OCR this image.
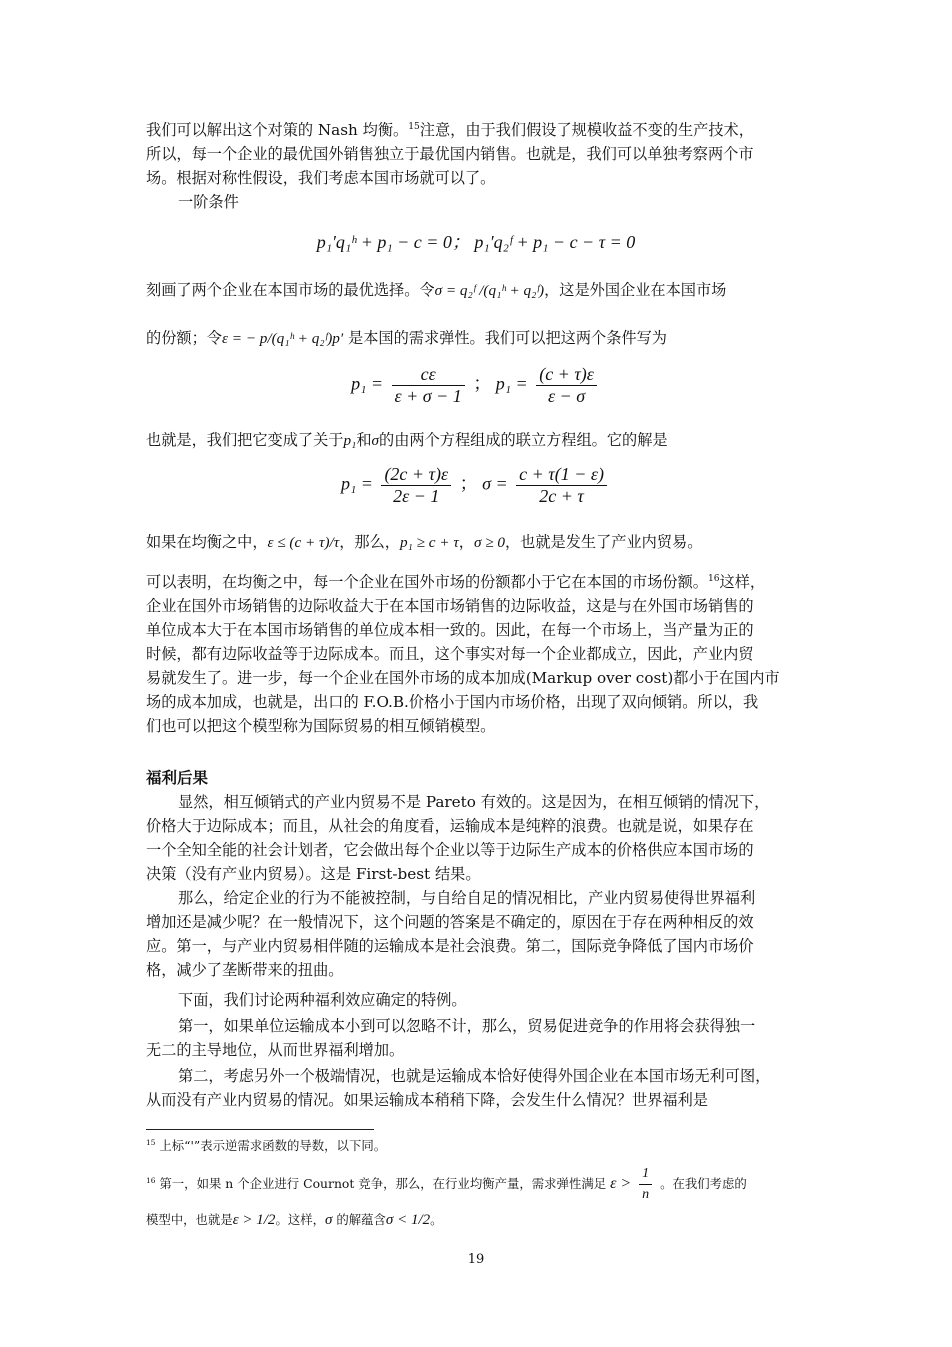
我们可以解出这个对策的 Nash 均衡。$^{15}$注意，由于我们假设了规模收益不变的生产技术，
所以，每一个企业的最优国外销售独立于最优国内销售。也就是，我们可以单独考察两个市
场。根据对称性假设，我们考虑本国市场就可以了。
一阶条件
p₁′q₁ʰ + p₁ − c = 0； p₁′q₂ᶠ + p₁ − c − τ = 0
刻画了两个企业在本国市场的最优选择。令σ = q₂ᶠ /(q₁ʰ + q₂ᶠ)，这是外国企业在本国市场
的份额；令ε = − p/(q₁ʰ + q₂ᶠ)p′ 是本国的需求弹性。我们可以把这两个条件写为
$p_1 = \frac{c\varepsilon}{\varepsilon + \sigma - 1}$ ； $p_1 = \frac{(c + \tau)\varepsilon}{\varepsilon - \sigma}$
也就是，我们把它变成了关于p₁和σ的由两个方程组成的联立方程组。它的解是
$p_1 = \frac{(2c + \tau)\varepsilon}{2\varepsilon - 1}$ ； $\sigma = \frac{c + \tau(1 - \varepsilon)}{2c + \tau}$
如果在均衡之中，ε ≤ (c + τ)/τ，那么，p₁ ≥ c + τ，σ ≥ 0，也就是发生了产业内贸易。
可以表明，在均衡之中，每一个企业在国外市场的份额都小于它在本国的市场份额。$^{16}$这样，
企业在国外市场销售的边际收益大于在本国市场销售的边际收益，这是与在外国市场销售的
单位成本大于在本国市场销售的单位成本相一致的。因此，在每一个市场上，当产量为正的
时候，都有边际收益等于边际成本。而且，这个事实对每一个企业都成立，因此，产业内贸
易就发生了。进一步，每一个企业在国外市场的成本加成(Markup over cost)都小于在国内市
场的成本加成，也就是，出口的 F.O.B.价格小于国内市场价格，出现了双向倾销。所以，我
们也可以把这个模型称为国际贸易的相互倾销模型。
福利后果
显然，相互倾销式的产业内贸易不是 Pareto 有效的。这是因为，在相互倾销的情况下，
价格大于边际成本；而且，从社会的角度看，运输成本是纯粹的浪费。也就是说，如果存在
一个全知全能的社会计划者，它会做出每个企业以等于边际生产成本的价格供应本国市场的
决策（没有产业内贸易）。这是 First-best 结果。
那么，给定企业的行为不能被控制，与自给自足的情况相比，产业内贸易使得世界福利
增加还是减少呢？在一般情况下，这个问题的答案是不确定的，原因在于存在两种相反的效
应。第一，与产业内贸易相伴随的运输成本是社会浪费。第二，国际竞争降低了国内市场价
格，减少了垄断带来的扭曲。
下面，我们讨论两种福利效应确定的特例。
第一，如果单位运输成本小到可以忽略不计，那么，贸易促进竞争的作用将会获得独一
无二的主导地位，从而世界福利增加。
第二，考虑另外一个极端情况，也就是运输成本恰好使得外国企业在本国市场无利可图，
从而没有产业内贸易的情况。如果运输成本稍稍下降，会发生什么情况？世界福利是
$^{15}$ 上标“'”表示逆需求函数的导数，以下同。
$^{16}$ 第一，如果 n 个企业进行 Cournot 竞争，那么，在行业均衡产量，需求弹性满足 $\varepsilon > \frac{1}{n}$ 。在我们考虑的
模型中，也就是ε > 1/2。这样，σ 的解蕴含σ < 1/2。
19
